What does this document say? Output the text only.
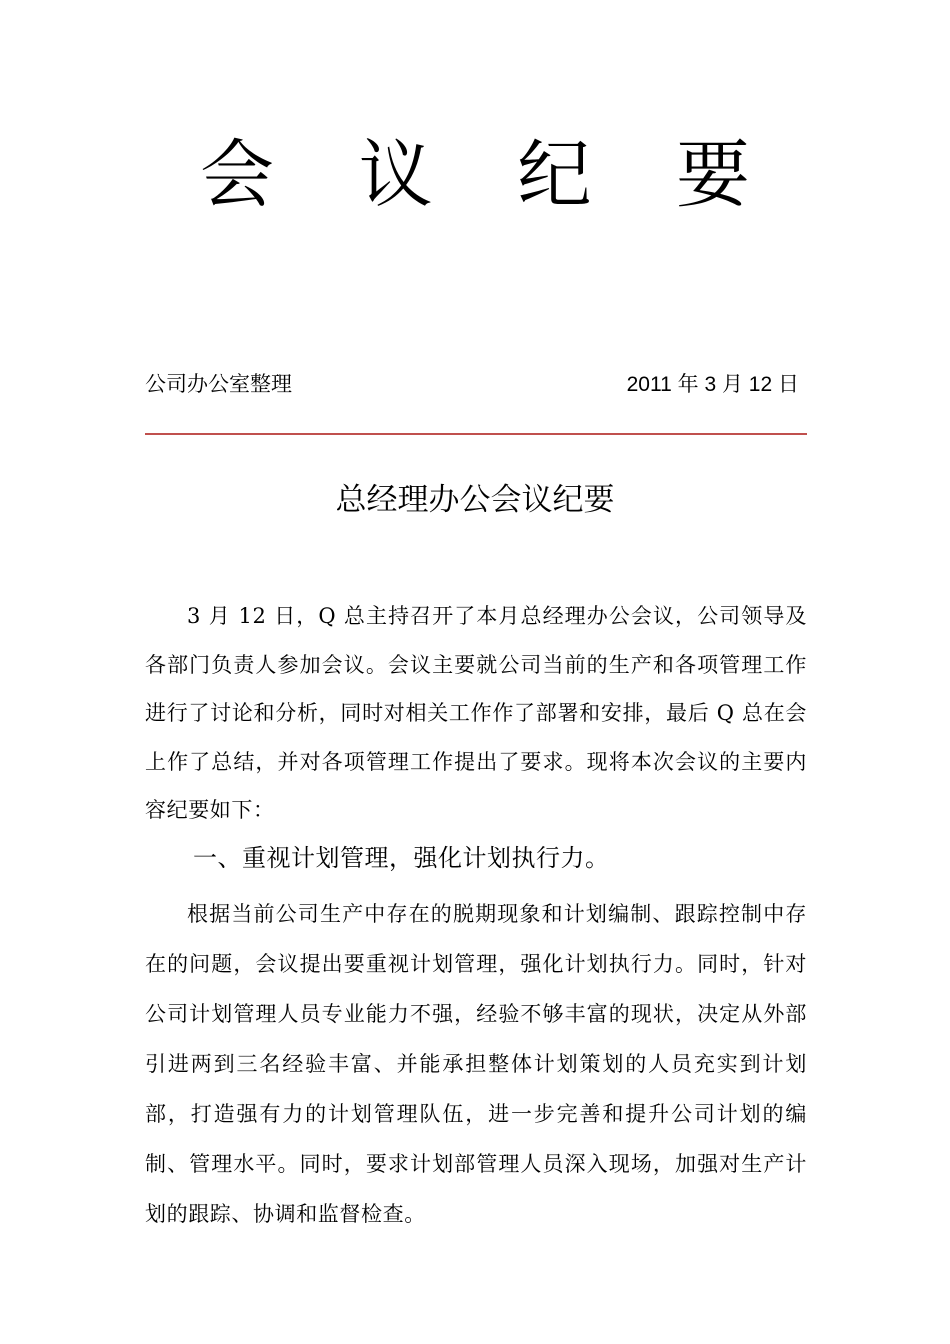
会 议 纪 要
公司办公室整理	2011 年 3 月 12 日
总经理办公会议纪要

3 月 12 日，Q 总主持召开了本月总经理办公会议，公司领导及各部门负责人参加会议。会议主要就公司当前的生产和各项管理工作进行了讨论和分析，同时对相关工作作了部署和安排，最后 Q 总在会上作了总结，并对各项管理工作提出了要求。现将本次会议的主要内容纪要如下：

一、重视计划管理，强化计划执行力。

根据当前公司生产中存在的脱期现象和计划编制、跟踪控制中存在的问题，会议提出要重视计划管理，强化计划执行力。同时，针对公司计划管理人员专业能力不强，经验不够丰富的现状，决定从外部引进两到三名经验丰富、并能承担整体计划策划的人员充实到计划部，打造强有力的计划管理队伍，进一步完善和提升公司计划的编制、管理水平。同时，要求计划部管理人员深入现场，加强对生产计划的跟踪、协调和监督检查。
